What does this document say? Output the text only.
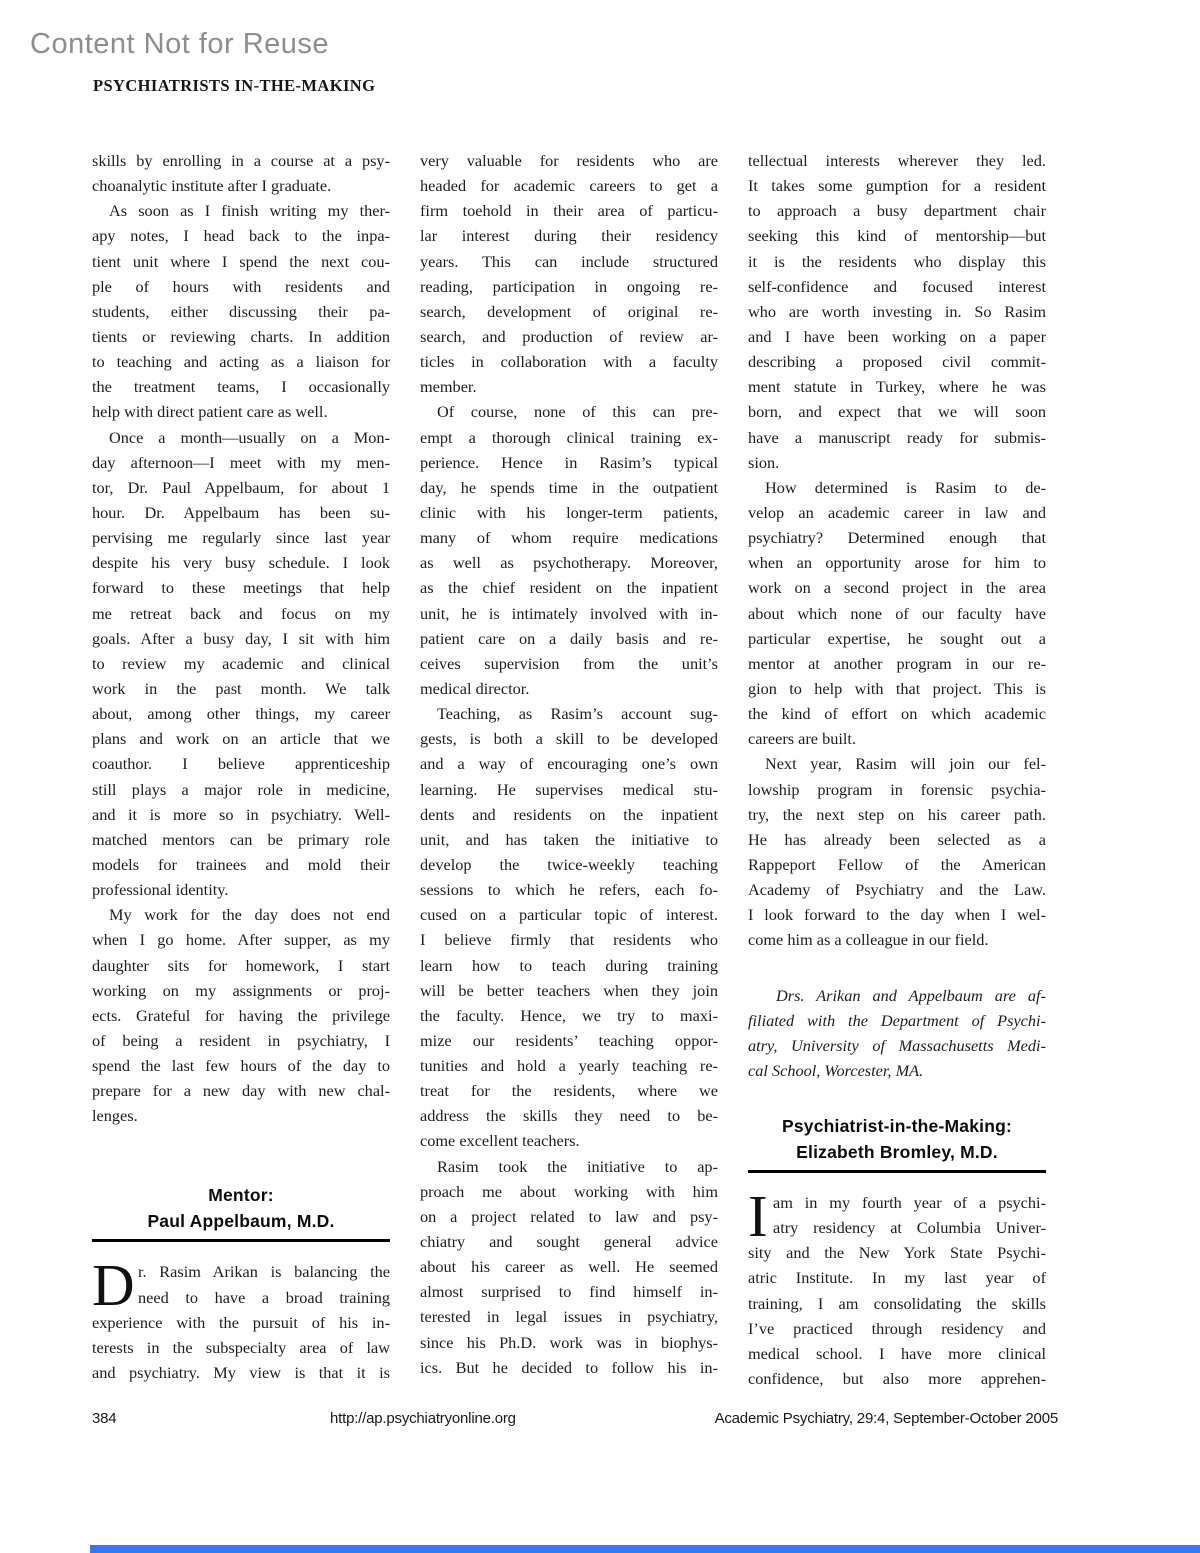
Content Not for Reuse
PSYCHIATRISTS IN-THE-MAKING
skills by enrolling in a course at a psy-
choanalytic institute after I graduate.
As soon as I finish writing my ther-
apy notes, I head back to the inpa-
tient unit where I spend the next cou-
ple of hours with residents and
students, either discussing their pa-
tients or reviewing charts. In addition
to teaching and acting as a liaison for
the treatment teams, I occasionally
help with direct patient care as well.
Once a month—usually on a Mon-
day afternoon—I meet with my men-
tor, Dr. Paul Appelbaum, for about 1
hour. Dr. Appelbaum has been su-
pervising me regularly since last year
despite his very busy schedule. I look
forward to these meetings that help
me retreat back and focus on my
goals. After a busy day, I sit with him
to review my academic and clinical
work in the past month. We talk
about, among other things, my career
plans and work on an article that we
coauthor. I believe apprenticeship
still plays a major role in medicine,
and it is more so in psychiatry. Well-
matched mentors can be primary role
models for trainees and mold their
professional identity.
My work for the day does not end
when I go home. After supper, as my
daughter sits for homework, I start
working on my assignments or proj-
ects. Grateful for having the privilege
of being a resident in psychiatry, I
spend the last few hours of the day to
prepare for a new day with new chal-
lenges.
Mentor:
Paul Appelbaum, M.D.
D r. Rasim Arikan is balancing the
need to have a broad training
experience with the pursuit of his in-
terests in the subspecialty area of law
and psychiatry. My view is that it is
very valuable for residents who are
headed for academic careers to get a
firm toehold in their area of particu-
lar interest during their residency
years. This can include structured
reading, participation in ongoing re-
search, development of original re-
search, and production of review ar-
ticles in collaboration with a faculty
member.
Of course, none of this can pre-
empt a thorough clinical training ex-
perience. Hence in Rasim’s typical
day, he spends time in the outpatient
clinic with his longer-term patients,
many of whom require medications
as well as psychotherapy. Moreover,
as the chief resident on the inpatient
unit, he is intimately involved with in-
patient care on a daily basis and re-
ceives supervision from the unit’s
medical director.
Teaching, as Rasim’s account sug-
gests, is both a skill to be developed
and a way of encouraging one’s own
learning. He supervises medical stu-
dents and residents on the inpatient
unit, and has taken the initiative to
develop the twice-weekly teaching
sessions to which he refers, each fo-
cused on a particular topic of interest.
I believe firmly that residents who
learn how to teach during training
will be better teachers when they join
the faculty. Hence, we try to maxi-
mize our residents’ teaching oppor-
tunities and hold a yearly teaching re-
treat for the residents, where we
address the skills they need to be-
come excellent teachers.
Rasim took the initiative to ap-
proach me about working with him
on a project related to law and psy-
chiatry and sought general advice
about his career as well. He seemed
almost surprised to find himself in-
terested in legal issues in psychiatry,
since his Ph.D. work was in biophys-
ics. But he decided to follow his in-
tellectual interests wherever they led.
It takes some gumption for a resident
to approach a busy department chair
seeking this kind of mentorship—but
it is the residents who display this
self-confidence and focused interest
who are worth investing in. So Rasim
and I have been working on a paper
describing a proposed civil commit-
ment statute in Turkey, where he was
born, and expect that we will soon
have a manuscript ready for submis-
sion.
How determined is Rasim to de-
velop an academic career in law and
psychiatry? Determined enough that
when an opportunity arose for him to
work on a second project in the area
about which none of our faculty have
particular expertise, he sought out a
mentor at another program in our re-
gion to help with that project. This is
the kind of effort on which academic
careers are built.
Next year, Rasim will join our fel-
lowship program in forensic psychia-
try, the next step on his career path.
He has already been selected as a
Rappeport Fellow of the American
Academy of Psychiatry and the Law.
I look forward to the day when I wel-
come him as a colleague in our field.
Drs. Arikan and Appelbaum are af-
filiated with the Department of Psychi-
atry, University of Massachusetts Medi-
cal School, Worcester, MA.
Psychiatrist-in-the-Making:
Elizabeth Bromley, M.D.
I am in my fourth year of a psychi-
atry residency at Columbia Univer-
sity and the New York State Psychi-
atric Institute. In my last year of
training, I am consolidating the skills
I’ve practiced through residency and
medical school. I have more clinical
confidence, but also more apprehen-
384	http://ap.psychiatryonline.org	Academic Psychiatry, 29:4, September-October 2005
